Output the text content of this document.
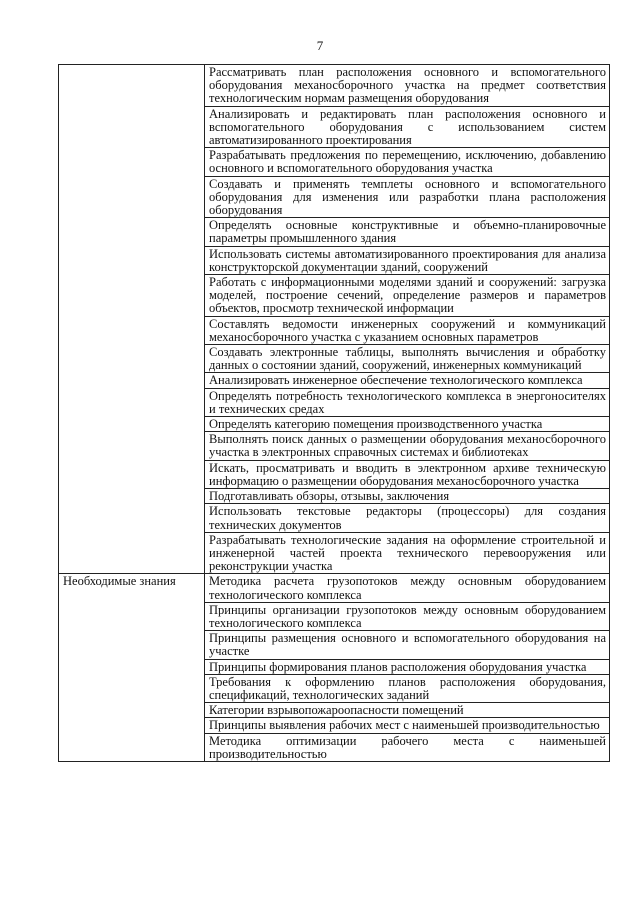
7
	Рассматривать план расположения основного и вспомогательного оборудования механосборочного участка на предмет соответствия технологическим нормам размещения оборудования
	Анализировать и редактировать план расположения основного и вспомогательного оборудования с использованием систем автоматизированного проектирования
	Разрабатывать предложения по перемещению, исключению, добавлению основного и вспомогательного оборудования участка
	Создавать и применять темплеты основного и вспомогательного оборудования для изменения или разработки плана расположения оборудования
	Определять основные конструктивные и объемно-планировочные параметры промышленного здания
	Использовать системы автоматизированного проектирования для анализа конструкторской документации зданий, сооружений
	Работать с информационными моделями зданий и сооружений: загрузка моделей, построение сечений, определение размеров и параметров объектов, просмотр технической информации
	Составлять ведомости инженерных сооружений и коммуникаций механосборочного участка с указанием основных параметров
	Создавать электронные таблицы, выполнять вычисления и обработку данных о состоянии зданий, сооружений, инженерных коммуникаций
	Анализировать инженерное обеспечение технологического комплекса
	Определять потребность технологического комплекса в энергоносителях и технических средах
	Определять категорию помещения производственного участка
	Выполнять поиск данных о размещении оборудования механосборочного участка в электронных справочных системах и библиотеках
	Искать, просматривать и вводить в электронном архиве техническую информацию о размещении оборудования механосборочного участка
	Подготавливать обзоры, отзывы, заключения
	Использовать текстовые редакторы (процессоры) для создания технических документов
	Разрабатывать технологические задания на оформление строительной и инженерной частей проекта технического перевооружения или реконструкции участка
Необходимые знания	Методика расчета грузопотоков между основным оборудованием технологического комплекса
	Принципы организации грузопотоков между основным оборудованием технологического комплекса
	Принципы размещения основного и вспомогательного оборудования на участке
	Принципы формирования планов расположения оборудования участка
	Требования к оформлению планов расположения оборудования, спецификаций, технологических заданий
	Категории взрывопожароопасности помещений
	Принципы выявления рабочих мест с наименьшей производительностью
	Методика оптимизации рабочего места с наименьшей производительностью
